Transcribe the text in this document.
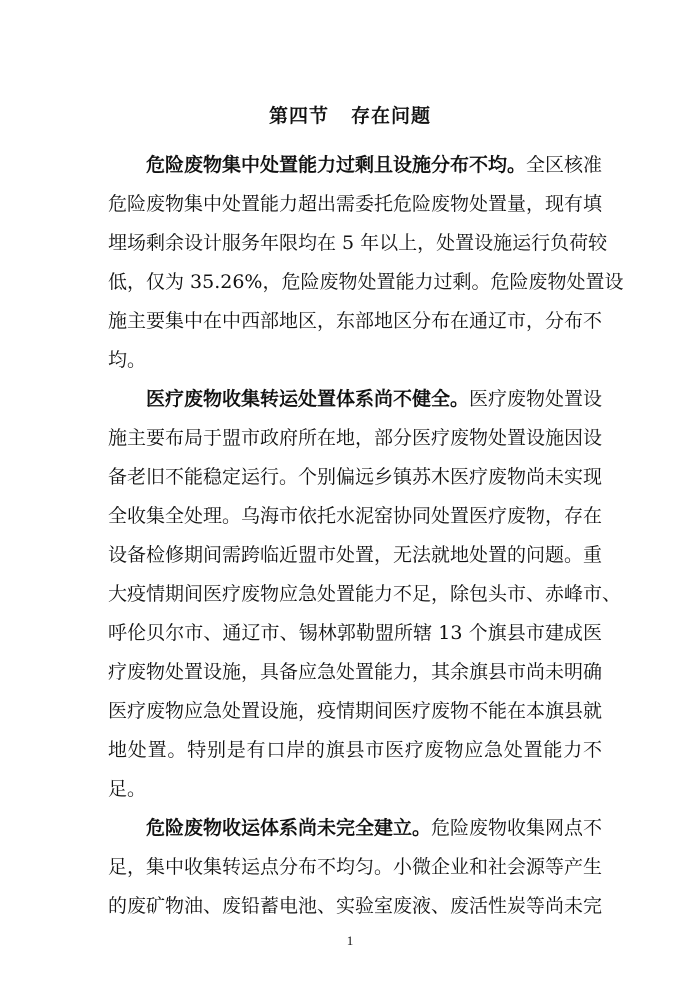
第四节 存在问题
危险废物集中处置能力过剩且设施分布不均。全区核准
危险废物集中处置能力超出需委托危险废物处置量，现有填
埋场剩余设计服务年限均在 5 年以上，处置设施运行负荷较
低，仅为 35.26%，危险废物处置能力过剩。危险废物处置设
施主要集中在中西部地区，东部地区分布在通辽市，分布不
均。
医疗废物收集转运处置体系尚不健全。医疗废物处置设
施主要布局于盟市政府所在地，部分医疗废物处置设施因设
备老旧不能稳定运行。个别偏远乡镇苏木医疗废物尚未实现
全收集全处理。乌海市依托水泥窑协同处置医疗废物，存在
设备检修期间需跨临近盟市处置，无法就地处置的问题。重
大疫情期间医疗废物应急处置能力不足，除包头市、赤峰市、
呼伦贝尔市、通辽市、锡林郭勒盟所辖 13 个旗县市建成医
疗废物处置设施，具备应急处置能力，其余旗县市尚未明确
医疗废物应急处置设施，疫情期间医疗废物不能在本旗县就
地处置。特别是有口岸的旗县市医疗废物应急处置能力不
足。
危险废物收运体系尚未完全建立。危险废物收集网点不
足，集中收集转运点分布不均匀。小微企业和社会源等产生
的废矿物油、废铅蓄电池、实验室废液、废活性炭等尚未完
1
